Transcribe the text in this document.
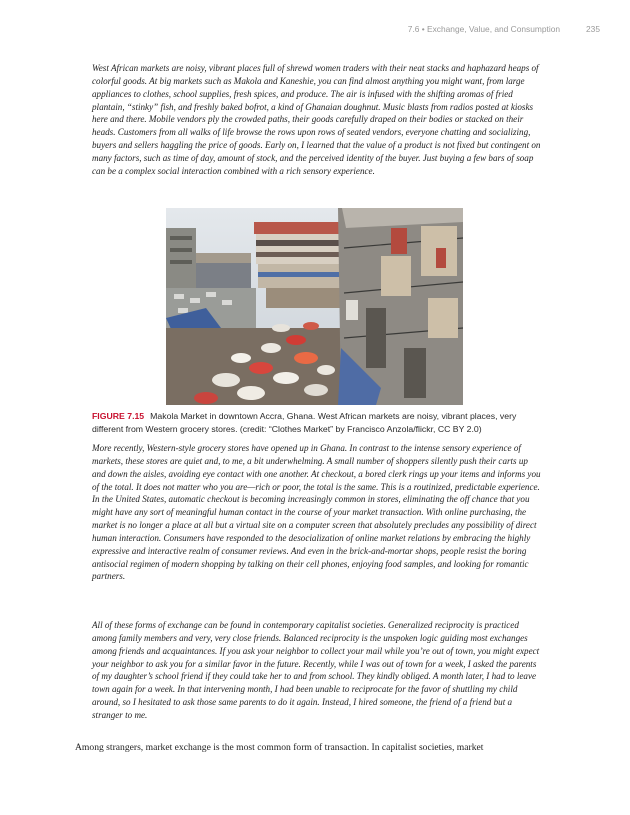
7.6 • Exchange, Value, and Consumption	235
West African markets are noisy, vibrant places full of shrewd women traders with their neat stacks and haphazard heaps of colorful goods. At big markets such as Makola and Kaneshie, you can find almost anything you might want, from large appliances to clothes, school supplies, fresh spices, and produce. The air is infused with the shifting aromas of fried plantain, “stinky” fish, and freshly baked bofrot, a kind of Ghanaian doughnut. Music blasts from radios posted at kiosks here and there. Mobile vendors ply the crowded paths, their goods carefully draped on their bodies or stacked on their heads. Customers from all walks of life browse the rows upon rows of seated vendors, everyone chatting and socializing, buyers and sellers haggling the price of goods. Early on, I learned that the value of a product is not fixed but contingent on many factors, such as time of day, amount of stock, and the perceived identity of the buyer. Just buying a few bars of soap can be a complex social interaction combined with a rich sensory experience.
FIGURE 7.15 Makola Market in downtown Accra, Ghana. West African markets are noisy, vibrant places, very different from Western grocery stores. (credit: “Clothes Market” by Francisco Anzola/flickr, CC BY 2.0)
More recently, Western-style grocery stores have opened up in Ghana. In contrast to the intense sensory experience of markets, these stores are quiet and, to me, a bit underwhelming. A small number of shoppers silently push their carts up and down the aisles, avoiding eye contact with one another. At checkout, a bored clerk rings up your items and informs you of the total. It does not matter who you are—rich or poor, the total is the same. This is a routinized, predictable experience. In the United States, automatic checkout is becoming increasingly common in stores, eliminating the off chance that you might have any sort of meaningful human contact in the course of your market transaction. With online purchasing, the market is no longer a place at all but a virtual site on a computer screen that absolutely precludes any possibility of direct human interaction. Consumers have responded to the desocialization of online market relations by embracing the highly expressive and interactive realm of consumer reviews. And even in the brick-and-mortar shops, people resist the boring antisocial regimen of modern shopping by talking on their cell phones, enjoying food samples, and looking for romantic partners.
All of these forms of exchange can be found in contemporary capitalist societies. Generalized reciprocity is practiced among family members and very, very close friends. Balanced reciprocity is the unspoken logic guiding most exchanges among friends and acquaintances. If you ask your neighbor to collect your mail while you’re out of town, you might expect your neighbor to ask you for a similar favor in the future. Recently, while I was out of town for a week, I asked the parents of my daughter’s school friend if they could take her to and from school. They kindly obliged. A month later, I had to leave town again for a week. In that intervening month, I had been unable to reciprocate for the favor of shuttling my child around, so I hesitated to ask those same parents to do it again. Instead, I hired someone, the friend of a friend but a stranger to me.
Among strangers, market exchange is the most common form of transaction. In capitalist societies, market
